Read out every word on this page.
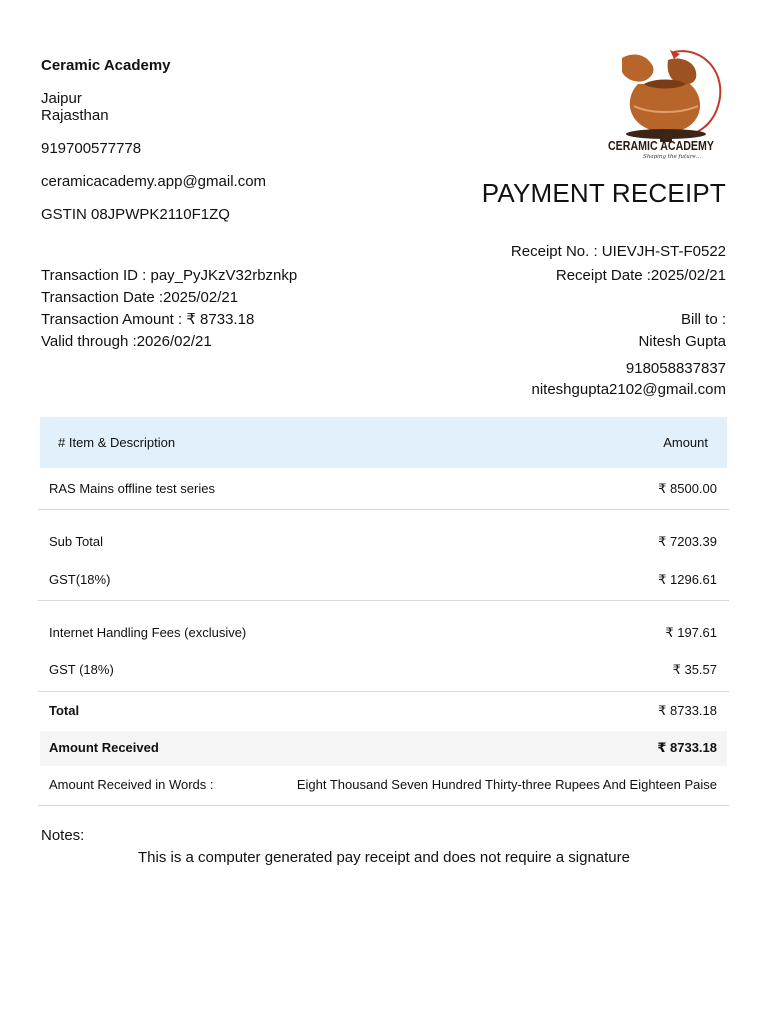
Ceramic Academy
Jaipur
Rajasthan
919700577778
ceramicacademy.app@gmail.com
GSTIN 08JPWPK2110F1ZQ
CERAMIC ACADEMY
Shaping the future...
PAYMENT RECEIPT
Receipt No. : UIEVJH-ST-F0522
Receipt Date :2025/02/21
Transaction ID : pay_PyJKzV32rbznkp
Transaction Date :2025/02/21
Transaction Amount : ₹ 8733.18
Valid through :2026/02/21
Bill to :
Nitesh Gupta
918058837837
niteshgupta2102@gmail.com
# Item & Description	Amount
RAS Mains offline test series	₹ 8500.00
Sub Total	₹ 7203.39
GST(18%)	₹ 1296.61
Internet Handling Fees (exclusive)	₹ 197.61
GST (18%)	₹ 35.57
Total	₹ 8733.18
Amount Received	₹ 8733.18
Amount Received in Words :	Eight Thousand Seven Hundred Thirty-three Rupees And Eighteen Paise
Notes:
This is a computer generated pay receipt and does not require a signature
